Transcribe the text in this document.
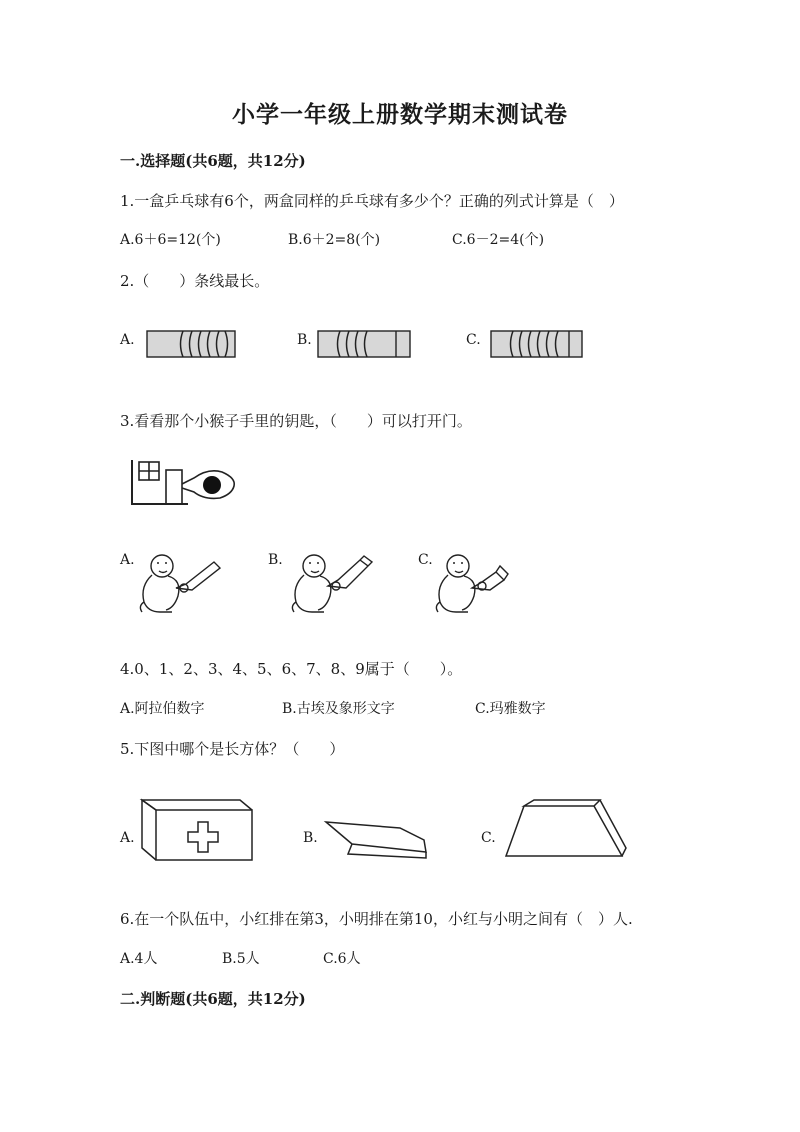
小学一年级上册数学期末测试卷
一.选择题(共6题，共12分)
1.一盒乒乓球有6个，两盒同样的乒乓球有多少个？正确的列式计算是（　）
A.6＋6=12(个)	B.6＋2=8(个)	C.6－2=4(个)
2.（　　）条线最长。
A.	B.	C.
3.看看那个小猴子手里的钥匙，（　　）可以打开门。
A.	B.	C.
4.0、1、2、3、4、5、6、7、8、9属于（　　）。
A.阿拉伯数字	B.古埃及象形文字	C.玛雅数字
5.下图中哪个是长方体？（　　）
A.	B.	C.
6.在一个队伍中，小红排在第3，小明排在第10，小红与小明之间有（　）人.
A.4人	B.5人	C.6人
二.判断题(共6题，共12分)
